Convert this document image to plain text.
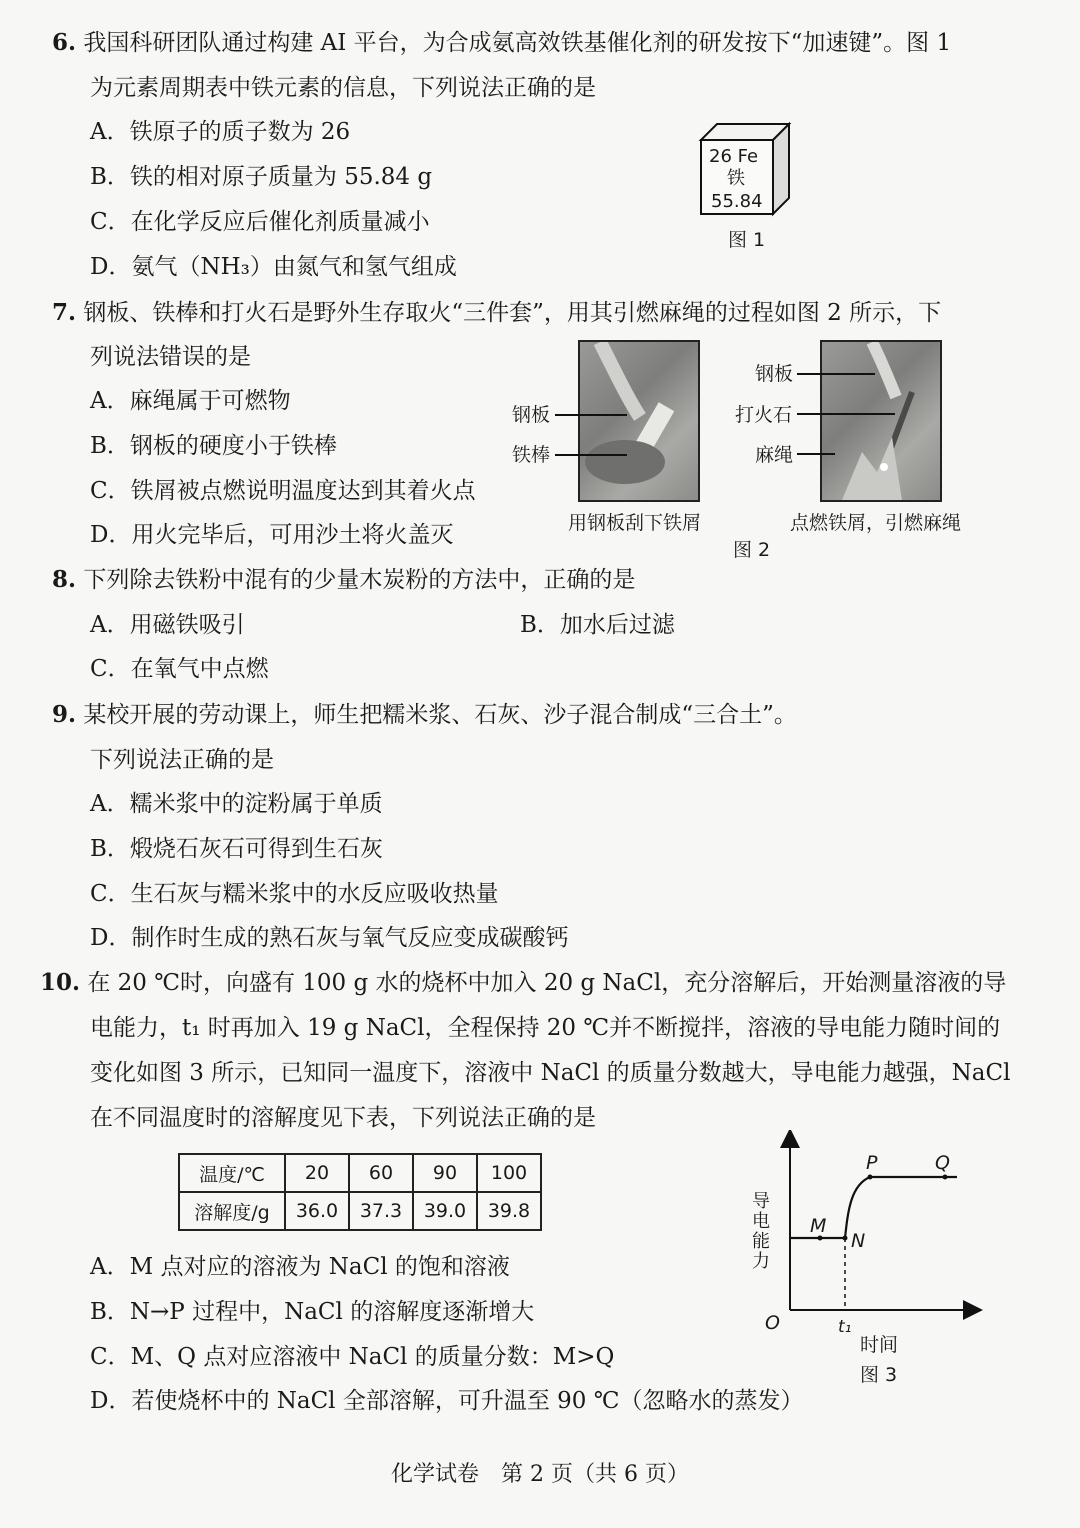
6. 我国科研团队通过构建 AI 平台，为合成氨高效铁基催化剂的研发按下“加速键”。图 1
为元素周期表中铁元素的信息，下列说法正确的是
A．铁原子的质子数为 26
B．铁的相对原子质量为 55.84 g
C．在化学反应后催化剂质量减小
D．氨气（NH₃）由氮气和氢气组成
26 Fe
铁
55.84
图 1
7. 钢板、铁棒和打火石是野外生存取火“三件套”，用其引燃麻绳的过程如图 2 所示，下
列说法错误的是
A．麻绳属于可燃物
B．钢板的硬度小于铁棒
C．铁屑被点燃说明温度达到其着火点
D．用火完毕后，可用沙土将火盖灭
钢板
铁棒
用钢板刮下铁屑
钢板
打火石
麻绳
点燃铁屑，引燃麻绳
图 2
8. 下列除去铁粉中混有的少量木炭粉的方法中，正确的是
A．用磁铁吸引	B．加水后过滤
C．在氧气中点燃
9. 某校开展的劳动课上，师生把糯米浆、石灰、沙子混合制成“三合土”。
下列说法正确的是
A．糯米浆中的淀粉属于单质
B．煅烧石灰石可得到生石灰
C．生石灰与糯米浆中的水反应吸收热量
D．制作时生成的熟石灰与氧气反应变成碳酸钙
10. 在 20 ℃时，向盛有 100 g 水的烧杯中加入 20 g NaCl，充分溶解后，开始测量溶液的导
电能力，t₁ 时再加入 19 g NaCl，全程保持 20 ℃并不断搅拌，溶液的导电能力随时间的
变化如图 3 所示，已知同一温度下，溶液中 NaCl 的质量分数越大，导电能力越强，NaCl
在不同温度时的溶解度见下表，下列说法正确的是
温度/℃	20	60	90	100
溶解度/g	36.0	37.3	39.0	39.8
A．M 点对应的溶液为 NaCl 的饱和溶液
B．N→P 过程中，NaCl 的溶解度逐渐增大
C．M、Q 点对应溶液中 NaCl 的质量分数：M>Q
D．若使烧杯中的 NaCl 全部溶解，可升温至 90 ℃（忽略水的蒸发）
导电能力
O	t₁
时间
M
N
P	Q
图 3
化学试卷　第 2 页（共 6 页）
